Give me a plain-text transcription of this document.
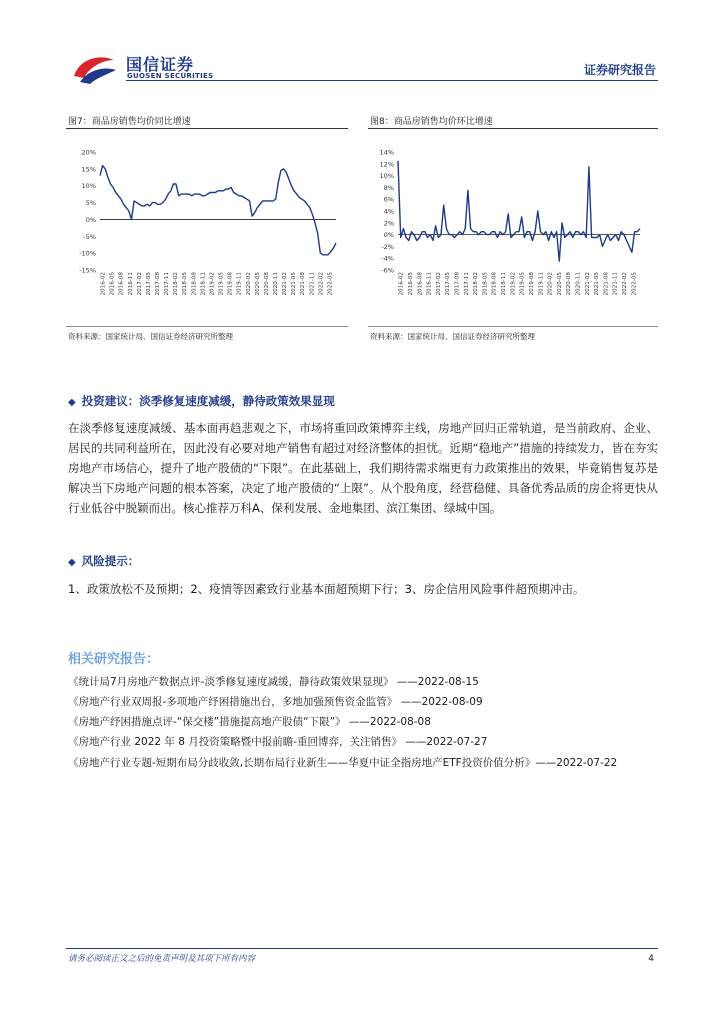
国信证券
GUOSEN SECURITIES	证券研究报告
图7：商品房销售均价同比增速
-15%
-10%
-5%
0%
5%
10%
15%
20%
2016-02 2016-05 2016-08 2016-11 2017-02 2017-05 2017-08 2017-11 2018-02 2018-05 2018-08 2018-11 2019-02 2019-05 2019-08 2019-11 2020-02 2020-05 2020-08 2020-11 2021-02 2021-05 2021-08 2021-11 2022-02 2022-05
资料来源：国家统计局、国信证券经济研究所整理
图8：商品房销售均价环比增速
-6%
-4%
-2%
0%
2%
4%
6%
8%
10%
12%
14%
2016-02 2016-05 2016-08 2016-11 2017-02 2017-05 2017-08 2017-11 2018-02 2018-05 2018-08 2018-11 2019-02 2019-05 2019-08 2019-11 2020-02 2020-05 2020-08 2020-11 2021-02 2021-05 2021-08 2021-11 2022-02 2022-05
资料来源：国家统计局、国信证券经济研究所整理
◆ 投资建议：淡季修复速度减缓，静待政策效果显现
在淡季修复速度减缓、基本面再趋悲观之下，市场将重回政策博弈主线，房地产回归正常轨道，是当前政府、企业、居民的共同利益所在，因此没有必要对地产销售有超过对经济整体的担忧。近期“稳地产”措施的持续发力，皆在夯实房地产市场信心，提升了地产股债的“下限”。在此基础上，我们期待需求端更有力政策推出的效果，毕竟销售复苏是解决当下房地产问题的根本答案，决定了地产股债的“上限”。从个股角度，经营稳健、具备优秀品质的房企将更快从行业低谷中脱颖而出。核心推荐万科A、保利发展、金地集团、滨江集团、绿城中国。
◆ 风险提示：
1、政策放松不及预期；2、疫情等因素致行业基本面超预期下行；3、房企信用风险事件超预期冲击。
相关研究报告：
《统计局7月房地产数据点评-淡季修复速度减缓，静待政策效果显现》 ——2022-08-15
《房地产行业双周报-多项地产纾困措施出台，多地加强预售资金监管》 ——2022-08-09
《房地产纾困措施点评-“保交楼”措施提高地产股债“下限”》 ——2022-08-08
《房地产行业 2022 年 8 月投资策略暨中报前瞻-重回博弈，关注销售》 ——2022-07-27
《房地产行业专题-短期布局分歧收敛,长期布局行业新生——华夏中证全指房地产ETF投资价值分析》——2022-07-22
请务必阅读正文之后的免责声明及其项下所有内容	4
